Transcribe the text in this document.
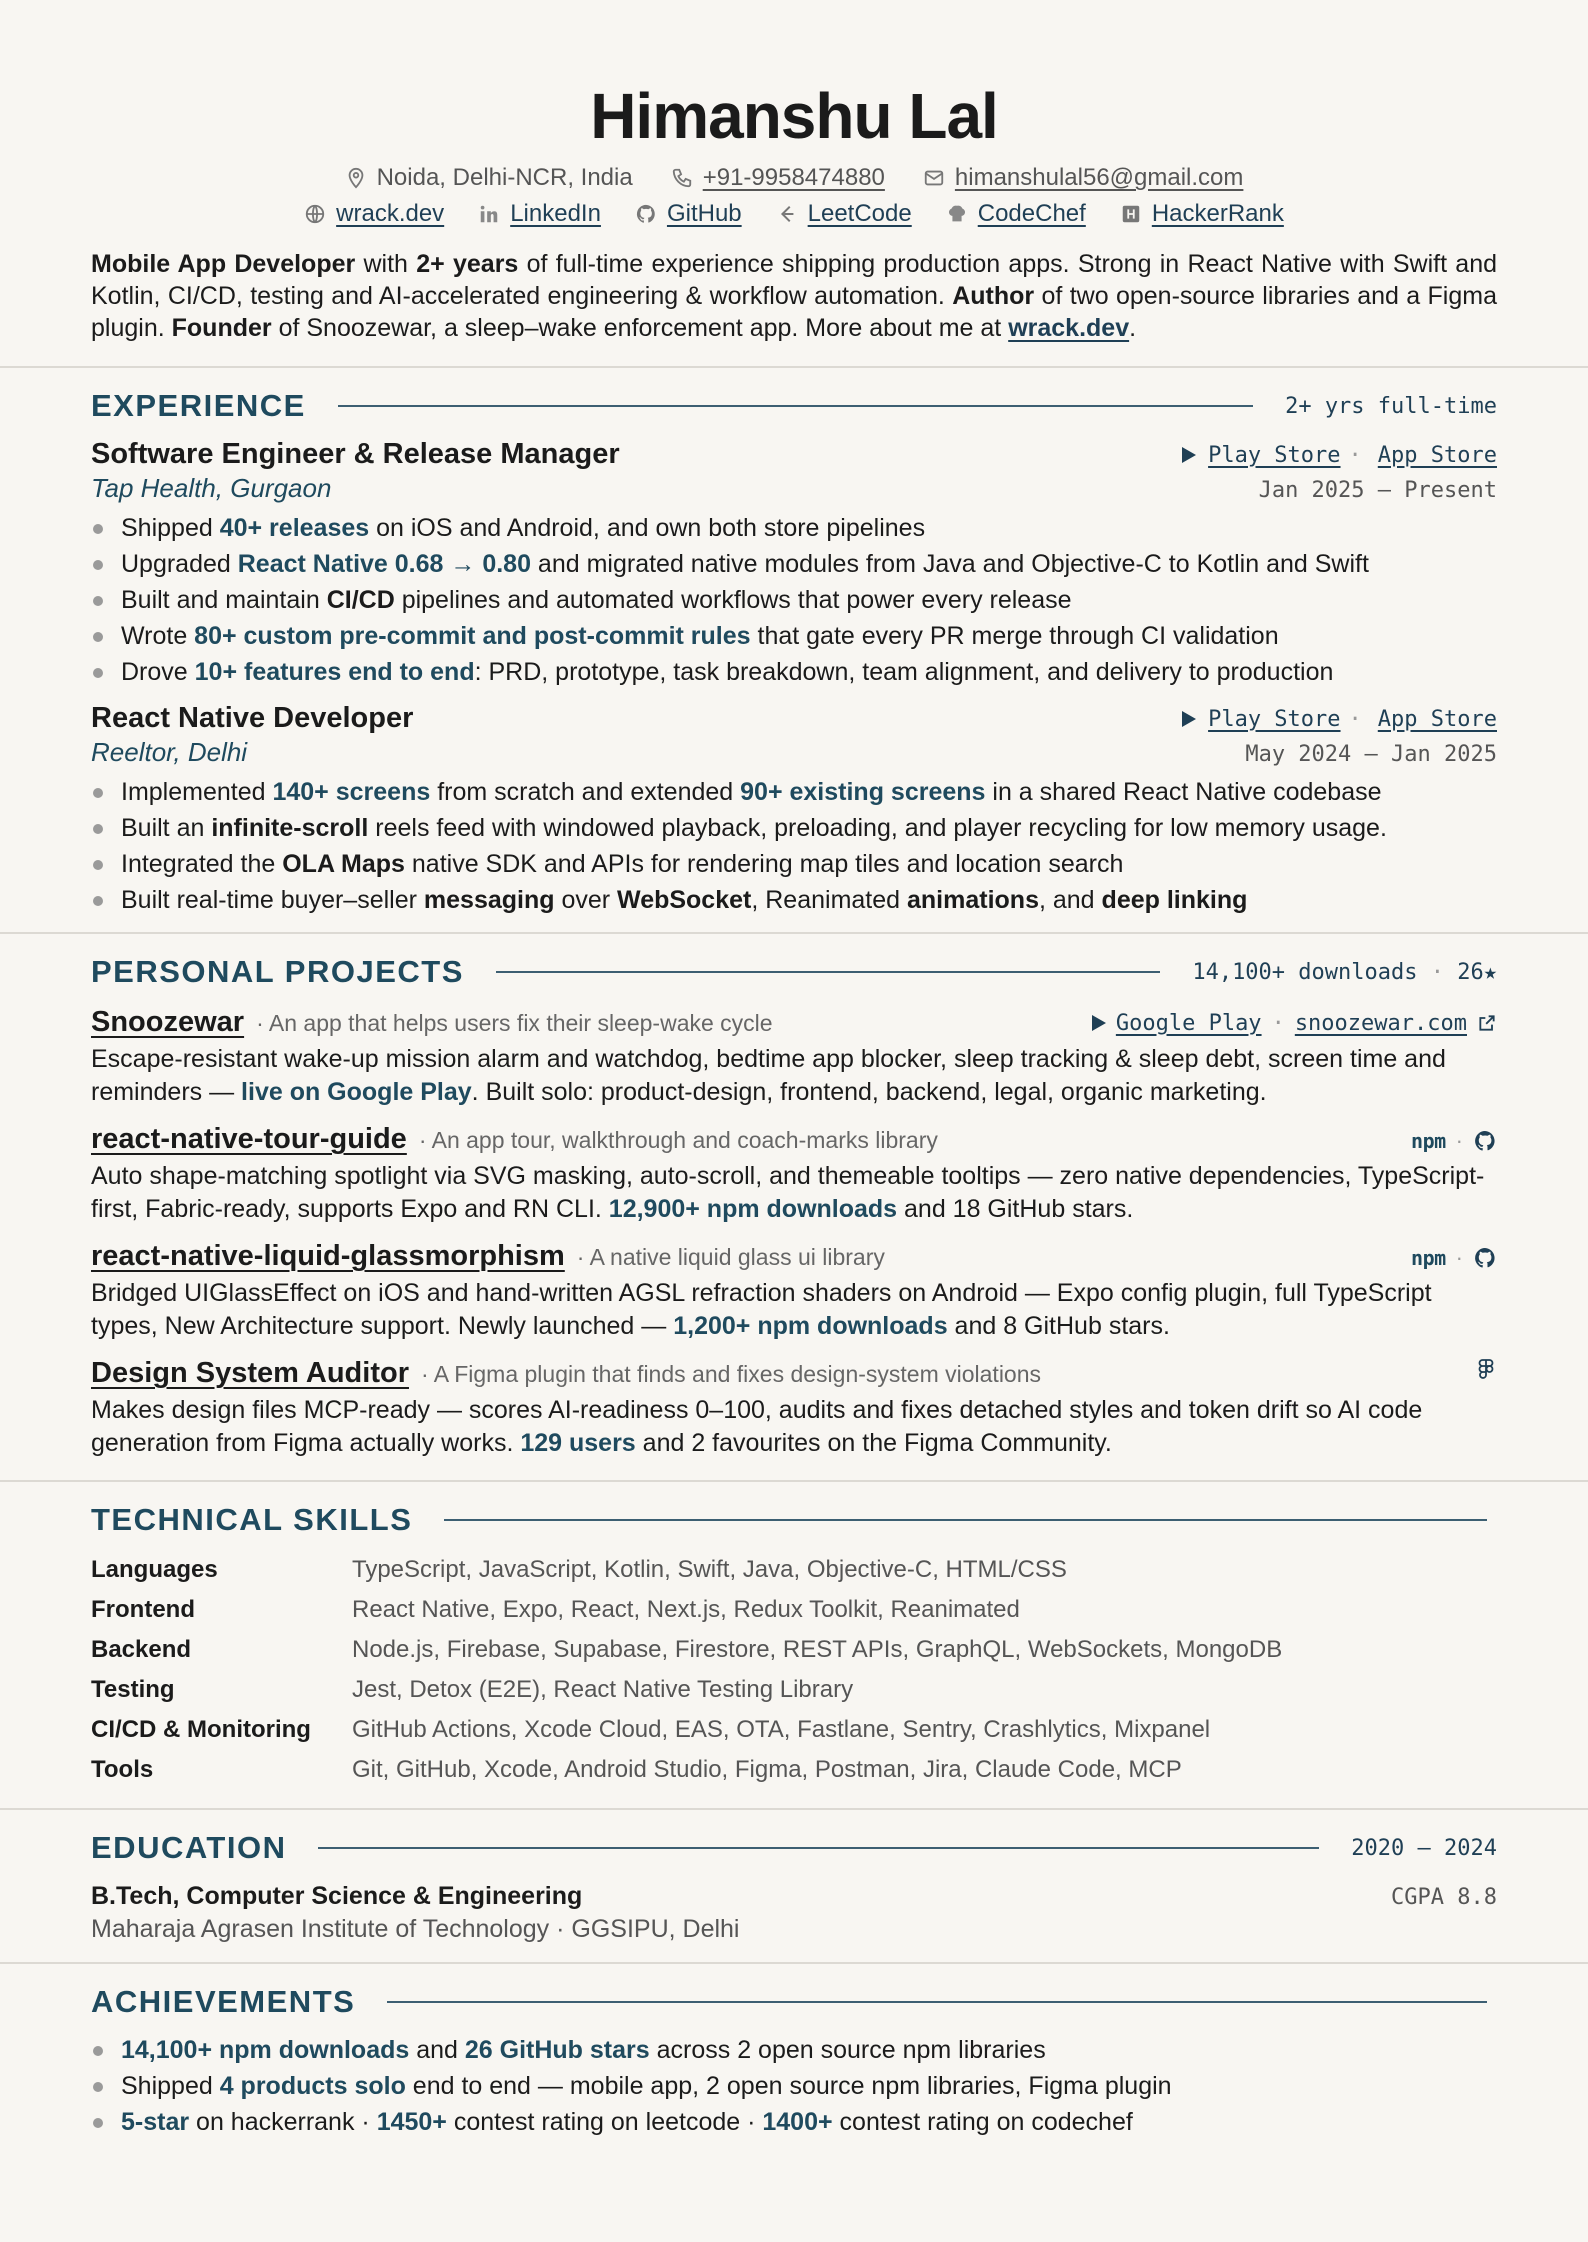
Himanshu Lal
Noida, Delhi-NCR, India	+91-9958474880	himanshulal56@gmail.com
wrack.dev	LinkedIn	GitHub	LeetCode	CodeChef	HackerRank
Mobile App Developer with 2+ years of full-time experience shipping production apps. Strong in React Native with Swift and Kotlin, CI/CD, testing and AI-accelerated engineering & workflow automation. Author of two open-source libraries and a Figma plugin. Founder of Snoozewar, a sleep–wake enforcement app. More about me at wrack.dev.
EXPERIENCE	2+ yrs full-time
Software Engineer & Release Manager	Play Store · App Store
Tap Health, Gurgaon	Jan 2025 — Present
Shipped 40+ releases on iOS and Android, and own both store pipelines
Upgraded React Native 0.68 → 0.80 and migrated native modules from Java and Objective-C to Kotlin and Swift
Built and maintain CI/CD pipelines and automated workflows that power every release
Wrote 80+ custom pre-commit and post-commit rules that gate every PR merge through CI validation
Drove 10+ features end to end: PRD, prototype, task breakdown, team alignment, and delivery to production
React Native Developer	Play Store · App Store
Reeltor, Delhi	May 2024 — Jan 2025
Implemented 140+ screens from scratch and extended 90+ existing screens in a shared React Native codebase
Built an infinite-scroll reels feed with windowed playback, preloading, and player recycling for low memory usage.
Integrated the OLA Maps native SDK and APIs for rendering map tiles and location search
Built real-time buyer–seller messaging over WebSocket, Reanimated animations, and deep linking
PERSONAL PROJECTS	14,100+ downloads · 26★
Snoozewar · An app that helps users fix their sleep-wake cycle	Google Play · snoozewar.com
Escape-resistant wake-up mission alarm and watchdog, bedtime app blocker, sleep tracking & sleep debt, screen time and reminders — live on Google Play. Built solo: product-design, frontend, backend, legal, organic marketing.
react-native-tour-guide · An app tour, walkthrough and coach-marks library	npm ·
Auto shape-matching spotlight via SVG masking, auto-scroll, and themeable tooltips — zero native dependencies, TypeScript-first, Fabric-ready, supports Expo and RN CLI. 12,900+ npm downloads and 18 GitHub stars.
react-native-liquid-glassmorphism · A native liquid glass ui library	npm ·
Bridged UIGlassEffect on iOS and hand-written AGSL refraction shaders on Android — Expo config plugin, full TypeScript types, New Architecture support. Newly launched — 1,200+ npm downloads and 8 GitHub stars.
Design System Auditor · A Figma plugin that finds and fixes design-system violations
Makes design files MCP-ready — scores AI-readiness 0–100, audits and fixes detached styles and token drift so AI code generation from Figma actually works. 129 users and 2 favourites on the Figma Community.
TECHNICAL SKILLS
Languages	TypeScript, JavaScript, Kotlin, Swift, Java, Objective-C, HTML/CSS
Frontend	React Native, Expo, React, Next.js, Redux Toolkit, Reanimated
Backend	Node.js, Firebase, Supabase, Firestore, REST APIs, GraphQL, WebSockets, MongoDB
Testing	Jest, Detox (E2E), React Native Testing Library
CI/CD & Monitoring	GitHub Actions, Xcode Cloud, EAS, OTA, Fastlane, Sentry, Crashlytics, Mixpanel
Tools	Git, GitHub, Xcode, Android Studio, Figma, Postman, Jira, Claude Code, MCP
EDUCATION	2020 — 2024
B.Tech, Computer Science & Engineering	CGPA 8.8
Maharaja Agrasen Institute of Technology · GGSIPU, Delhi
ACHIEVEMENTS
14,100+ npm downloads and 26 GitHub stars across 2 open source npm libraries
Shipped 4 products solo end to end — mobile app, 2 open source npm libraries, Figma plugin
5-star on hackerrank · 1450+ contest rating on leetcode · 1400+ contest rating on codechef
